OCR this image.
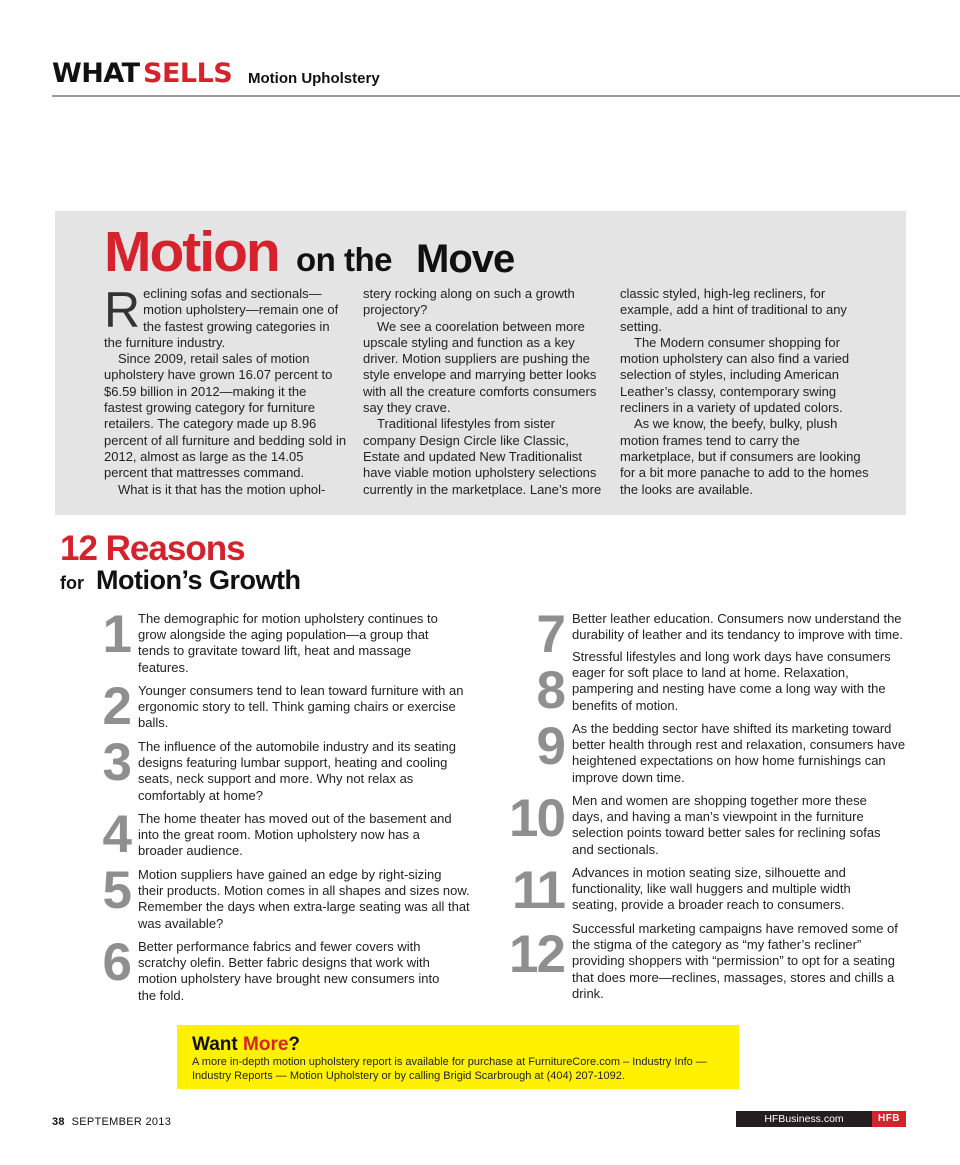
WHAT SELLS Motion Upholstery
Motion on the Move

Reclining sofas and sectionals—motion upholstery—remain one of the fastest growing categories in the furniture industry.

Since 2009, retail sales of motion upholstery have grown 16.07 percent to $6.59 billion in 2012—making it the fastest growing category for furniture retailers. The category made up 8.96 percent of all furniture and bedding sold in 2012, almost as large as the 14.05 percent that mattresses command.

What is it that has the motion uphol-

stery rocking along on such a growth projectory?

We see a coorelation between more upscale styling and function as a key driver. Motion suppliers are pushing the style envelope and marrying better looks with all the creature comforts consumers say they crave.

Traditional lifestyles from sister company Design Circle like Classic, Estate and updated New Traditionalist have viable motion upholstery selections currently in the marketplace. Lane’s more

classic styled, high-leg recliners, for example, add a hint of traditional to any setting.

The Modern consumer shopping for motion upholstery can also find a varied selection of styles, including American Leather’s classy, contemporary swing recliners in a variety of updated colors.

As we know, the beefy, bulky, plush motion frames tend to carry the marketplace, but if consumers are looking for a bit more panache to add to the homes the looks are available.

12 Reasons
for Motion’s Growth
1 The demographic for motion upholstery continues to grow alongside the aging population—a group that tends to gravitate toward lift, heat and massage features.
2 Younger consumers tend to lean toward furniture with an ergonomic story to tell. Think gaming chairs or exercise balls.
3 The influence of the automobile industry and its seating designs featuring lumbar support, heating and cooling seats, neck support and more. Why not relax as comfortably at home?
4 The home theater has moved out of the basement and into the great room. Motion upholstery now has a broader audience.
5 Motion suppliers have gained an edge by right-sizing their products. Motion comes in all shapes and sizes now. Remember the days when extra-large seating was all that was available?
6 Better performance fabrics and fewer covers with scratchy olefin. Better fabric designs that work with motion upholstery have brought new consumers into the fold.
7 Better leather education. Consumers now understand the durability of leather and its tendancy to improve with time.
8
Stressful lifestyles and long work days have consumers eager for soft place to land at home. Relaxation, pampering and nesting have come a long way with the benefits of motion.
9 As the bedding sector have shifted its marketing toward better health through rest and relaxation, consumers have heightened expectations on how home furnishings can improve down time.
10 Men and women are shopping together more these days, and having a man’s viewpoint in the furniture selection points toward better sales for reclining sofas and sectionals.
11 Advances in motion seating size, silhouette and functionality, like wall huggers and multiple width seating, provide a broader reach to consumers.
12 Successful marketing campaigns have removed some of the stigma of the category as “my father’s recliner” providing shoppers with “permission” to opt for a seating that does more—reclines, massages, stores and chills a drink.
Want More?
A more in-depth motion upholstery report is available for purchase at FurnitureCore.com – Industry Info — Industry Reports — Motion Upholstery or by calling Brigid Scarbrough at (404) 207-1092.
38 SEPTEMBER 2013	HFBusiness.com	HFB
